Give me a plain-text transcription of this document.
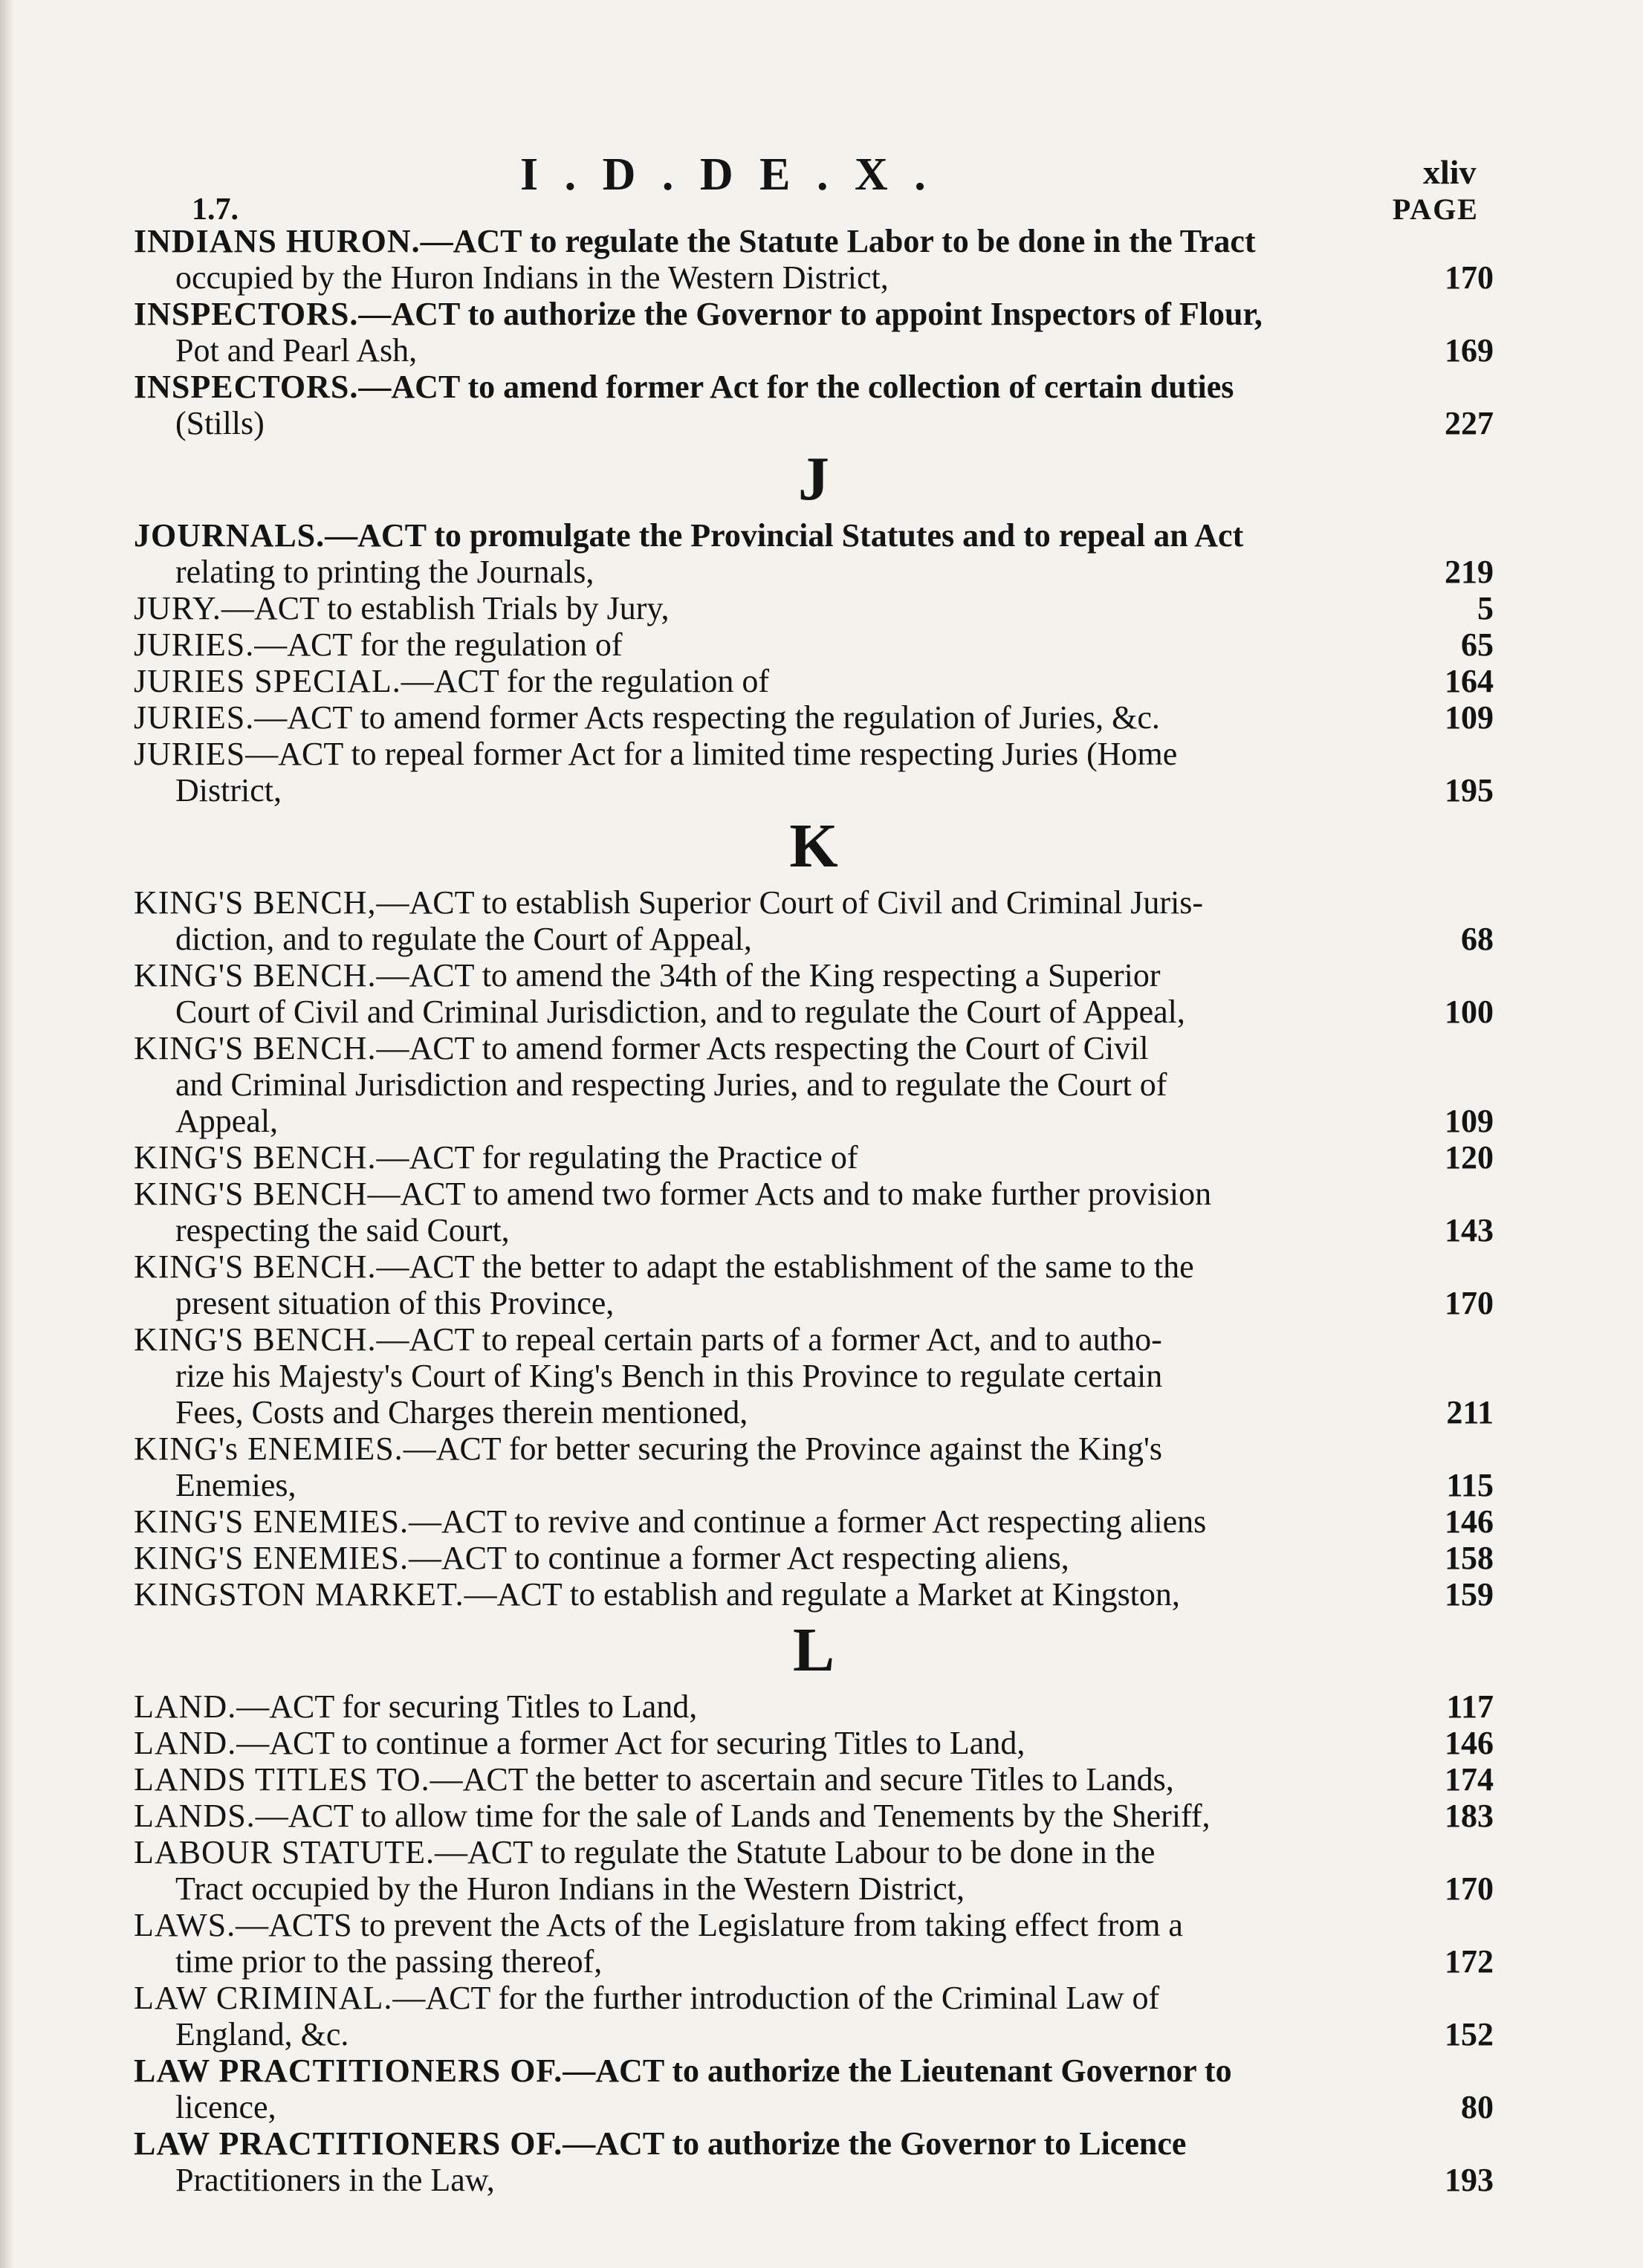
I . D . D E . X .	xliv
1.7.	PAGE
INDIANS HURON.—ACT to regulate the Statute Labor to be done in the Tract
occupied by the Huron Indians in the Western District,	170
INSPECTORS.—ACT to authorize the Governor to appoint Inspectors of Flour,
Pot and Pearl Ash,	169
INSPECTORS.—ACT to amend former Act for the collection of certain duties
(Stills)	227
J
JOURNALS.—ACT to promulgate the Provincial Statutes and to repeal an Act
relating to printing the Journals,	219
JURY.—ACT to establish Trials by Jury,	5
JURIES.—ACT for the regulation of	65
JURIES SPECIAL.—ACT for the regulation of	164
JURIES.—ACT to amend former Acts respecting the regulation of Juries, &c.	109
JURIES—ACT to repeal former Act for a limited time respecting Juries (Home
District,	195
K
KING'S BENCH,—ACT to establish Superior Court of Civil and Criminal Juris-
diction, and to regulate the Court of Appeal,	68
KING'S BENCH.—ACT to amend the 34th of the King respecting a Superior
Court of Civil and Criminal Jurisdiction, and to regulate the Court of Appeal,	100
KING'S BENCH.—ACT to amend former Acts respecting the Court of Civil
and Criminal Jurisdiction and respecting Juries, and to regulate the Court of
Appeal,	109
KING'S BENCH.—ACT for regulating the Practice of	120
KING'S BENCH—ACT to amend two former Acts and to make further provision
respecting the said Court,	143
KING'S BENCH.—ACT the better to adapt the establishment of the same to the
present situation of this Province,	170
KING'S BENCH.—ACT to repeal certain parts of a former Act, and to autho-
rize his Majesty's Court of King's Bench in this Province to regulate certain
Fees, Costs and Charges therein mentioned,	211
KING's ENEMIES.—ACT for better securing the Province against the King's
Enemies,	115
KING'S ENEMIES.—ACT to revive and continue a former Act respecting aliens	146
KING'S ENEMIES.—ACT to continue a former Act respecting aliens,	158
KINGSTON MARKET.—ACT to establish and regulate a Market at Kingston,	159
L
LAND.—ACT for securing Titles to Land,	117
LAND.—ACT to continue a former Act for securing Titles to Land,	146
LANDS TITLES TO.—ACT the better to ascertain and secure Titles to Lands,	174
LANDS.—ACT to allow time for the sale of Lands and Tenements by the Sheriff,	183
LABOUR STATUTE.—ACT to regulate the Statute Labour to be done in the
Tract occupied by the Huron Indians in the Western District,	170
LAWS.—ACTS to prevent the Acts of the Legislature from taking effect from a
time prior to the passing thereof,	172
LAW CRIMINAL.—ACT for the further introduction of the Criminal Law of
England, &c.	152
LAW PRACTITIONERS OF.—ACT to authorize the Lieutenant Governor to
licence,	80
LAW PRACTITIONERS OF.—ACT to authorize the Governor to Licence
Practitioners in the Law,	193
